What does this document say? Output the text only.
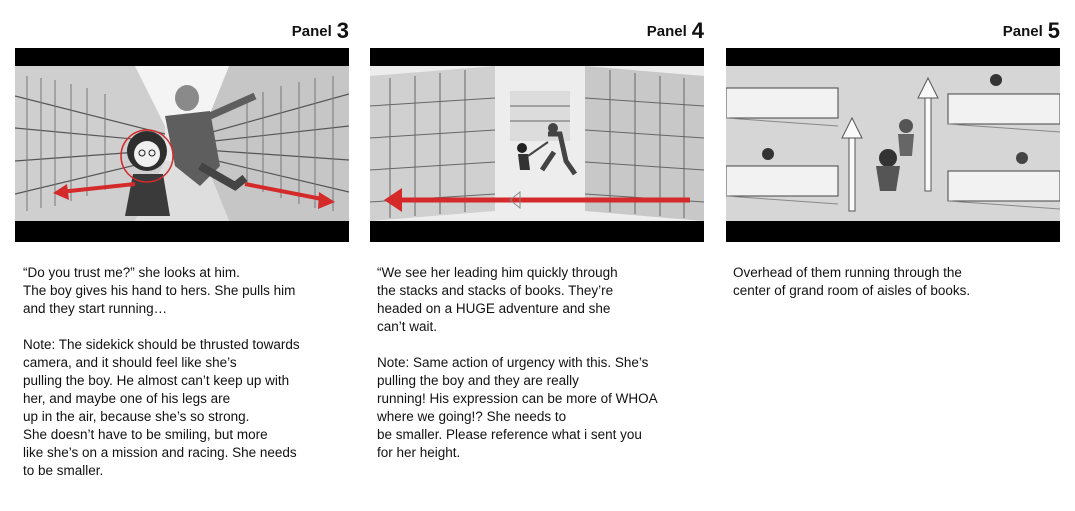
Panel 3

“Do you trust me?” she looks at him.
The boy gives his hand to hers. She pulls him
and they start running…

Note: The sidekick should be thrusted towards
camera, and it should feel like she’s
pulling the boy. He almost can’t keep up with
her, and maybe one of his legs are
up in the air, because she’s so strong.
She doesn’t have to be smiling, but more
like she’s on a mission and racing. She needs
to be smaller.

Panel 4

“We see her leading him quickly through
the stacks and stacks of books. They’re
headed on a HUGE adventure and she
can’t wait.

Note: Same action of urgency with this. She’s
pulling the boy and they are really
running! His expression can be more of WHOA
where we going!? She needs to
be smaller. Please reference what i sent you
for her height.

Panel 5

Overhead of them running through the
center of grand room of aisles of books.
